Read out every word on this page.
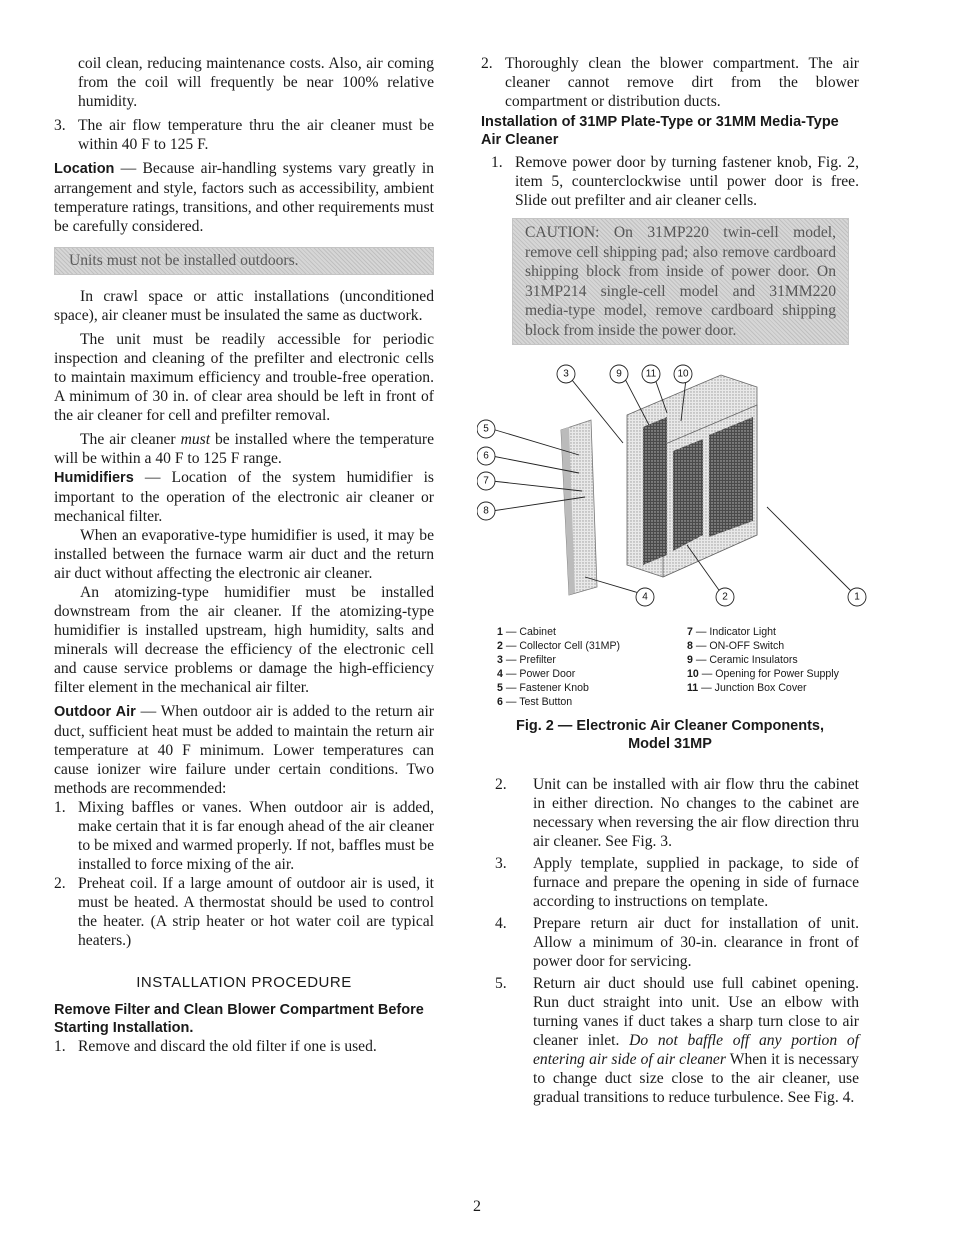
coil clean, reducing maintenance costs. Also, air coming from the coil will frequently be near 100% relative humidity.

3. The air flow temperature thru the air cleaner must be within 40 F to 125 F.

Location — Because air-handling systems vary greatly in arrangement and style, factors such as accessibility, ambient temperature ratings, transitions, and other requirements must be carefully considered.

Units must not be installed outdoors.

In crawl space or attic installations (unconditioned space), air cleaner must be insulated the same as ductwork.

The unit must be readily accessible for periodic inspection and cleaning of the prefilter and electronic cells to maintain maximum efficiency and trouble-free operation. A minimum of 30 in. of clear area should be left in front of the air cleaner for cell and prefilter removal.

The air cleaner must be installed where the temperature will be within a 40 F to 125 F range.

Humidifiers — Location of the system humidifier is important to the operation of the electronic air cleaner or mechanical filter.

When an evaporative-type humidifier is used, it may be installed between the furnace warm air duct and the return air duct without affecting the electronic air cleaner.

An atomizing-type humidifier must be installed downstream from the air cleaner. If the atomizing-type humidifier is installed upstream, high humidity, salts and minerals will decrease the efficiency of the electronic cell and cause service problems or damage the high-efficiency filter element in the mechanical air filter.

Outdoor Air — When outdoor air is added to the return air duct, sufficient heat must be added to maintain the return air temperature at 40 F minimum. Lower temperatures can cause ionizer wire failure under certain conditions. Two methods are recommended:

1. Mixing baffles or vanes. When outdoor air is added, make certain that it is far enough ahead of the air cleaner to be mixed and warmed properly. If not, baffles must be installed to force mixing of the air.
2. Preheat coil. If a large amount of outdoor air is used, it must be heated. A thermostat should be used to control the heater. (A strip heater or hot water coil are typical heaters.)
INSTALLATION PROCEDURE
Remove Filter and Clean Blower Compartment Before Starting Installation.
1. Remove and discard the old filter if one is used.
2. Thoroughly clean the blower compartment. The air cleaner cannot remove dirt from the blower compartment or distribution ducts.
Installation of 31MP Plate-Type or 31MM Media-Type Air Cleaner
1. Remove power door by turning fastener knob, Fig. 2, item 5, counterclockwise until power door is free. Slide out prefilter and air cleaner cells.
CAUTION: On 31MP220 twin-cell model, remove cell shipping pad; also remove cardboard shipping block from inside of power door. On 31MP214 single-cell model and 31MM220 media-type model, remove cardboard shipping block from inside the power door.
3	9 11 10
5
6
7
8
4	2	1
1 — Cabinet
2 — Collector Cell (31MP)
3 — Prefilter
4 — Power Door
5 — Fastener Knob
6 — Test Button
7 — Indicator Light
8 — ON-OFF Switch
9 — Ceramic Insulators
10 — Opening for Power Supply
11 — Junction Box Cover
Fig. 2 — Electronic Air Cleaner Components,
Model 31MP
2.	Unit can be installed with air flow thru the cabinet in either direction. No changes to the cabinet are necessary when reversing the air flow direction thru air cleaner. See Fig. 3.
3.	Apply template, supplied in package, to side of furnace and prepare the opening in side of furnace according to instructions on template.
4.	Prepare return air duct for installation of unit. Allow a minimum of 30-in. clearance in front of power door for servicing.
5.	Return air duct should use full cabinet opening. Run duct straight into unit. Use an elbow with turning vanes if duct takes a sharp turn close to air cleaner inlet. Do not baffle off any portion of entering air side of air cleaner When it is necessary to change duct size close to the air cleaner, use gradual transitions to reduce turbulence. See Fig. 4.
2
